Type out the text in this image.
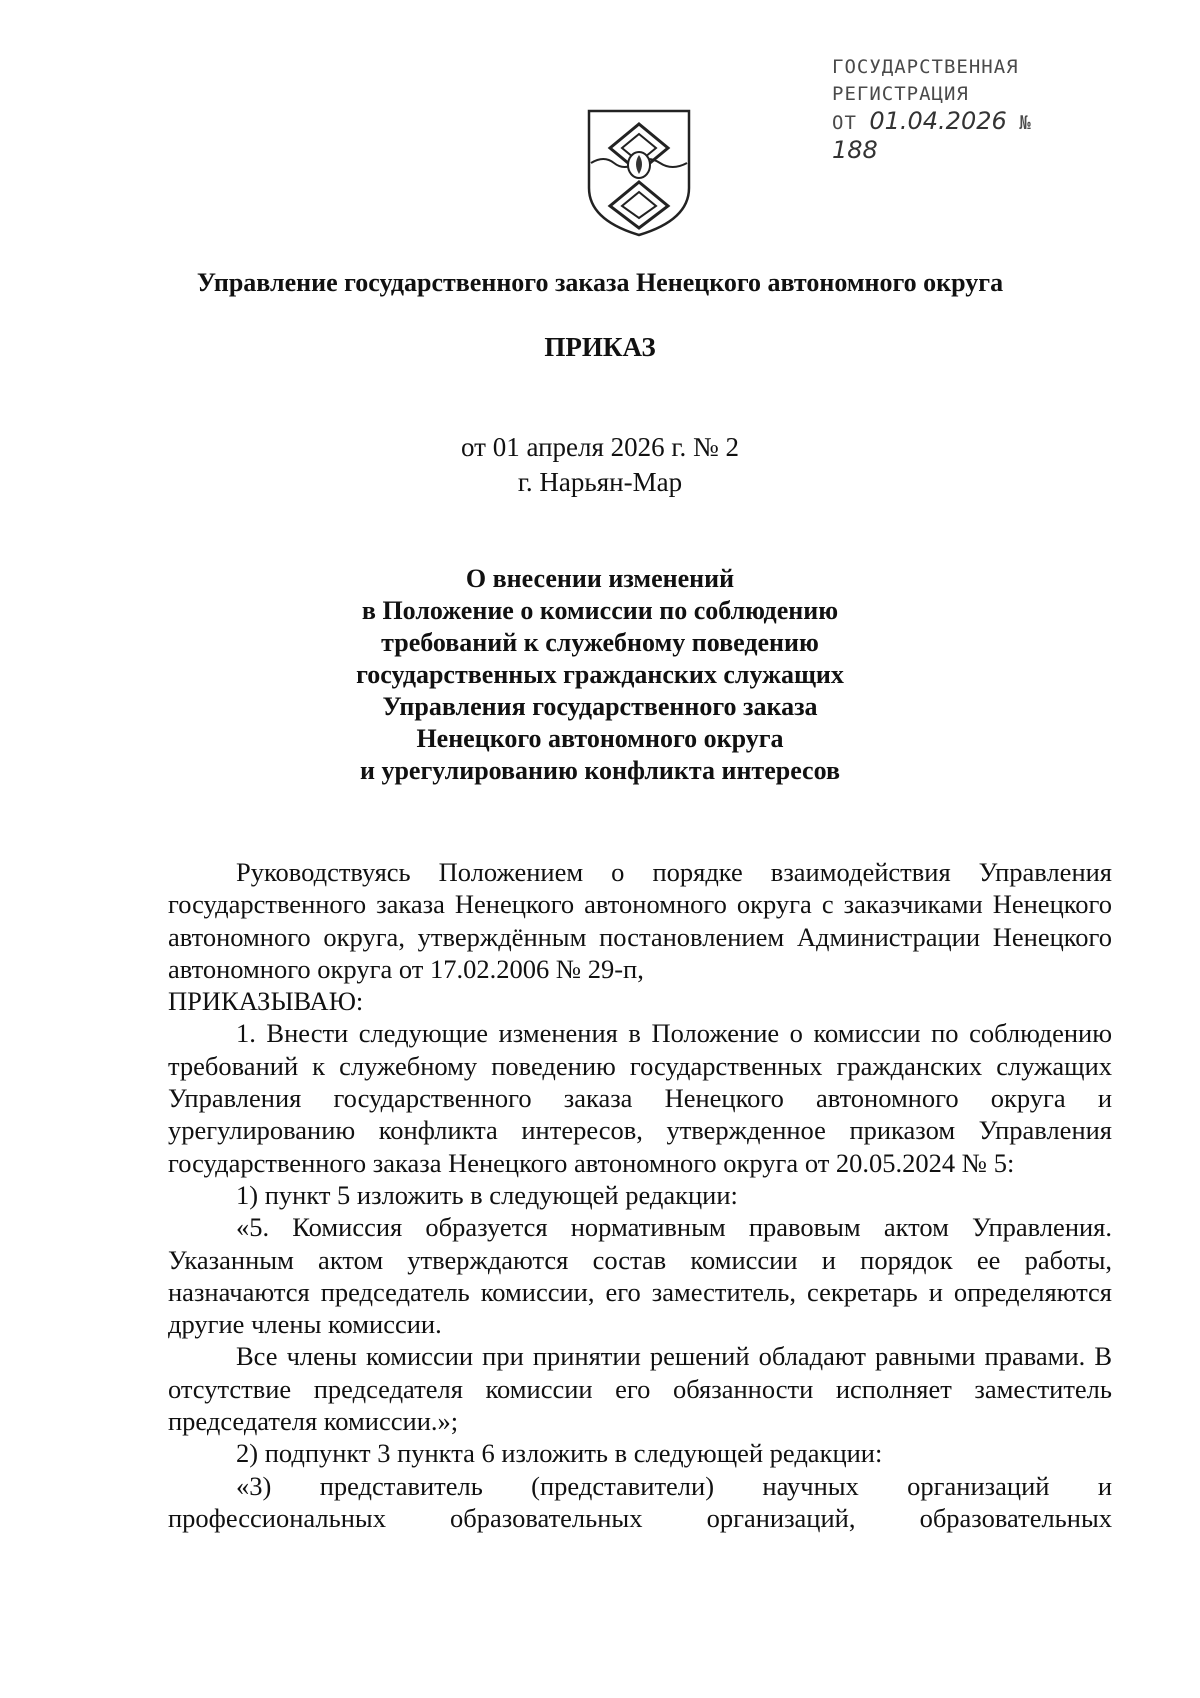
ГОСУДАРСТВЕННАЯ
РЕГИСТРАЦИЯ
ОТ 01.04.2026 № 188
Управление государственного заказа Ненецкого автономного округа
ПРИКАЗ
от 01 апреля 2026 г. № 2
г. Нарьян-Мар
О внесении изменений
в Положение о комиссии по соблюдению
требований к служебному поведению
государственных гражданских служащих
Управления государственного заказа
Ненецкого автономного округа
и урегулированию конфликта интересов

Руководствуясь Положением о порядке взаимодействия Управления государственного заказа Ненецкого автономного округа с заказчиками Ненецкого автономного округа, утверждённым постановлением Администрации Ненецкого автономного округа от 17.02.2006 № 29-п,

ПРИКАЗЫВАЮ:

1. Внести следующие изменения в Положение о комиссии по соблюдению требований к служебному поведению государственных гражданских служащих Управления государственного заказа Ненецкого автономного округа и урегулированию конфликта интересов, утвержденное приказом Управления государственного заказа Ненецкого автономного округа от 20.05.2024 № 5:

1) пункт 5 изложить в следующей редакции:

«5. Комиссия образуется нормативным правовым актом Управления. Указанным актом утверждаются состав комиссии и порядок ее работы, назначаются председатель комиссии, его заместитель, секретарь и определяются другие члены комиссии.

Все члены комиссии при принятии решений обладают равными правами. В отсутствие председателя комиссии его обязанности исполняет заместитель председателя комиссии.»;

2) подпункт 3 пункта 6 изложить в следующей редакции:

«3) представитель (представители) научных организаций и профессиональных образовательных организаций, образовательных
